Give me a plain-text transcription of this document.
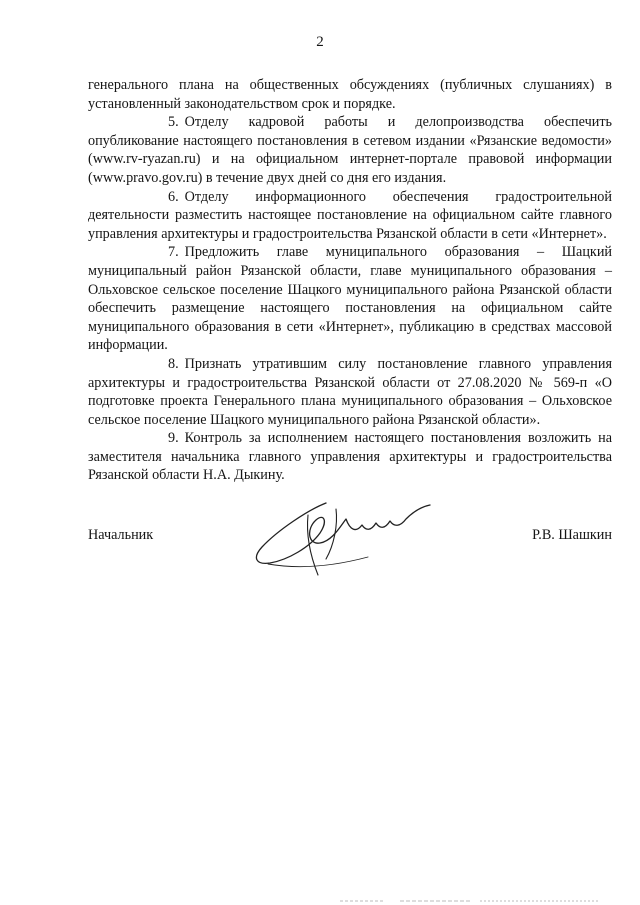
2

генерального плана на общественных обсуждениях (публичных слушаниях) в установленный законодательством срок и порядке.

5. Отделу кадровой работы и делопроизводства обеспечить опубликование настоящего постановления в сетевом издании «Рязанские ведомости» (www.rv-ryazan.ru) и на официальном интернет-портале правовой информации (www.pravo.gov.ru) в течение двух дней со дня его издания.

6. Отделу информационного обеспечения градостроительной деятельности разместить настоящее постановление на официальном сайте главного управления архитектуры и градостроительства Рязанской области в сети «Интернет».

7. Предложить главе муниципального образования – Шацкий муниципальный район Рязанской области, главе муниципального образования – Ольховское сельское поселение Шацкого муниципального района Рязанской области обеспечить размещение настоящего постановления на официальном сайте муниципального образования в сети «Интернет», публикацию в средствах массовой информации.

8. Признать утратившим силу постановление главного управления архитектуры и градостроительства Рязанской области от 27.08.2020 № 569-п «О подготовке проекта Генерального плана муниципального образования – Ольховское сельское поселение Шацкого муниципального района Рязанской области».

9. Контроль за исполнением настоящего постановления возложить на заместителя начальника главного управления архитектуры и градостроительства Рязанской области Н.А. Дыкину.

Начальник	Р.В. Шашкин
